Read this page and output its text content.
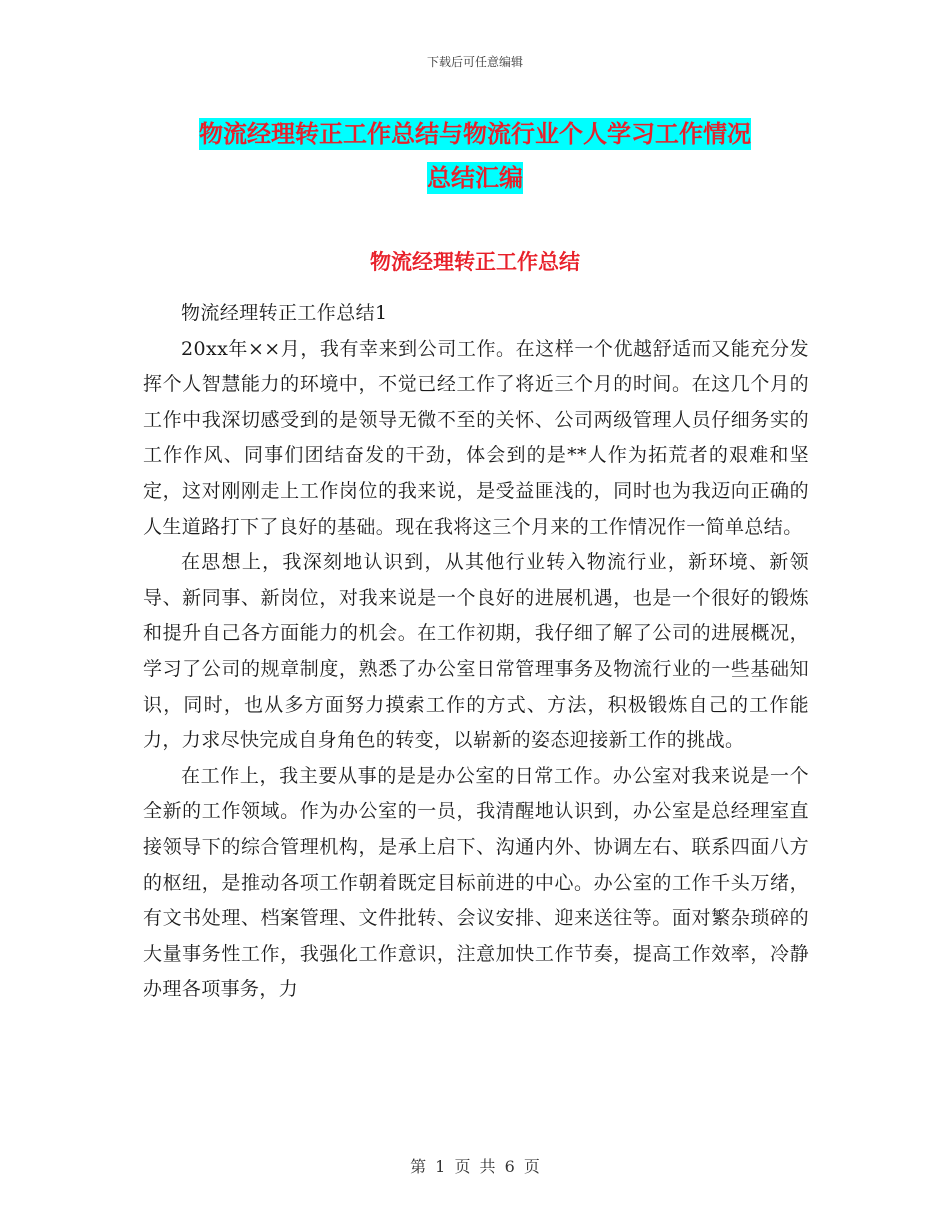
下载后可任意编辑
物流经理转正工作总结与物流行业个人学习工作情况
总结汇编
物流经理转正工作总结

物流经理转正工作总结1

20xx年××月，我有幸来到公司工作。在这样一个优越舒适而又能充分发挥个人智慧能力的环境中，不觉已经工作了将近三个月的时间。在这几个月的工作中我深切感受到的是领导无微不至的关怀、公司两级管理人员仔细务实的工作作风、同事们团结奋发的干劲，体会到的是**人作为拓荒者的艰难和坚定，这对刚刚走上工作岗位的我来说，是受益匪浅的，同时也为我迈向正确的人生道路打下了良好的基础。现在我将这三个月来的工作情况作一简单总结。

在思想上，我深刻地认识到，从其他行业转入物流行业，新环境、新领导、新同事、新岗位，对我来说是一个良好的进展机遇，也是一个很好的锻炼和提升自己各方面能力的机会。在工作初期，我仔细了解了公司的进展概况，学习了公司的规章制度，熟悉了办公室日常管理事务及物流行业的一些基础知识，同时，也从多方面努力摸索工作的方式、方法，积极锻炼自己的工作能力，力求尽快完成自身角色的转变，以崭新的姿态迎接新工作的挑战。

在工作上，我主要从事的是是办公室的日常工作。办公室对我来说是一个全新的工作领域。作为办公室的一员，我清醒地认识到，办公室是总经理室直接领导下的综合管理机构，是承上启下、沟通内外、协调左右、联系四面八方的枢纽，是推动各项工作朝着既定目标前进的中心。办公室的工作千头万绪，有文书处理、档案管理、文件批转、会议安排、迎来送往等。面对繁杂琐碎的大量事务性工作，我强化工作意识，注意加快工作节奏，提高工作效率，冷静办理各项事务，力

第 1 页 共 6 页
